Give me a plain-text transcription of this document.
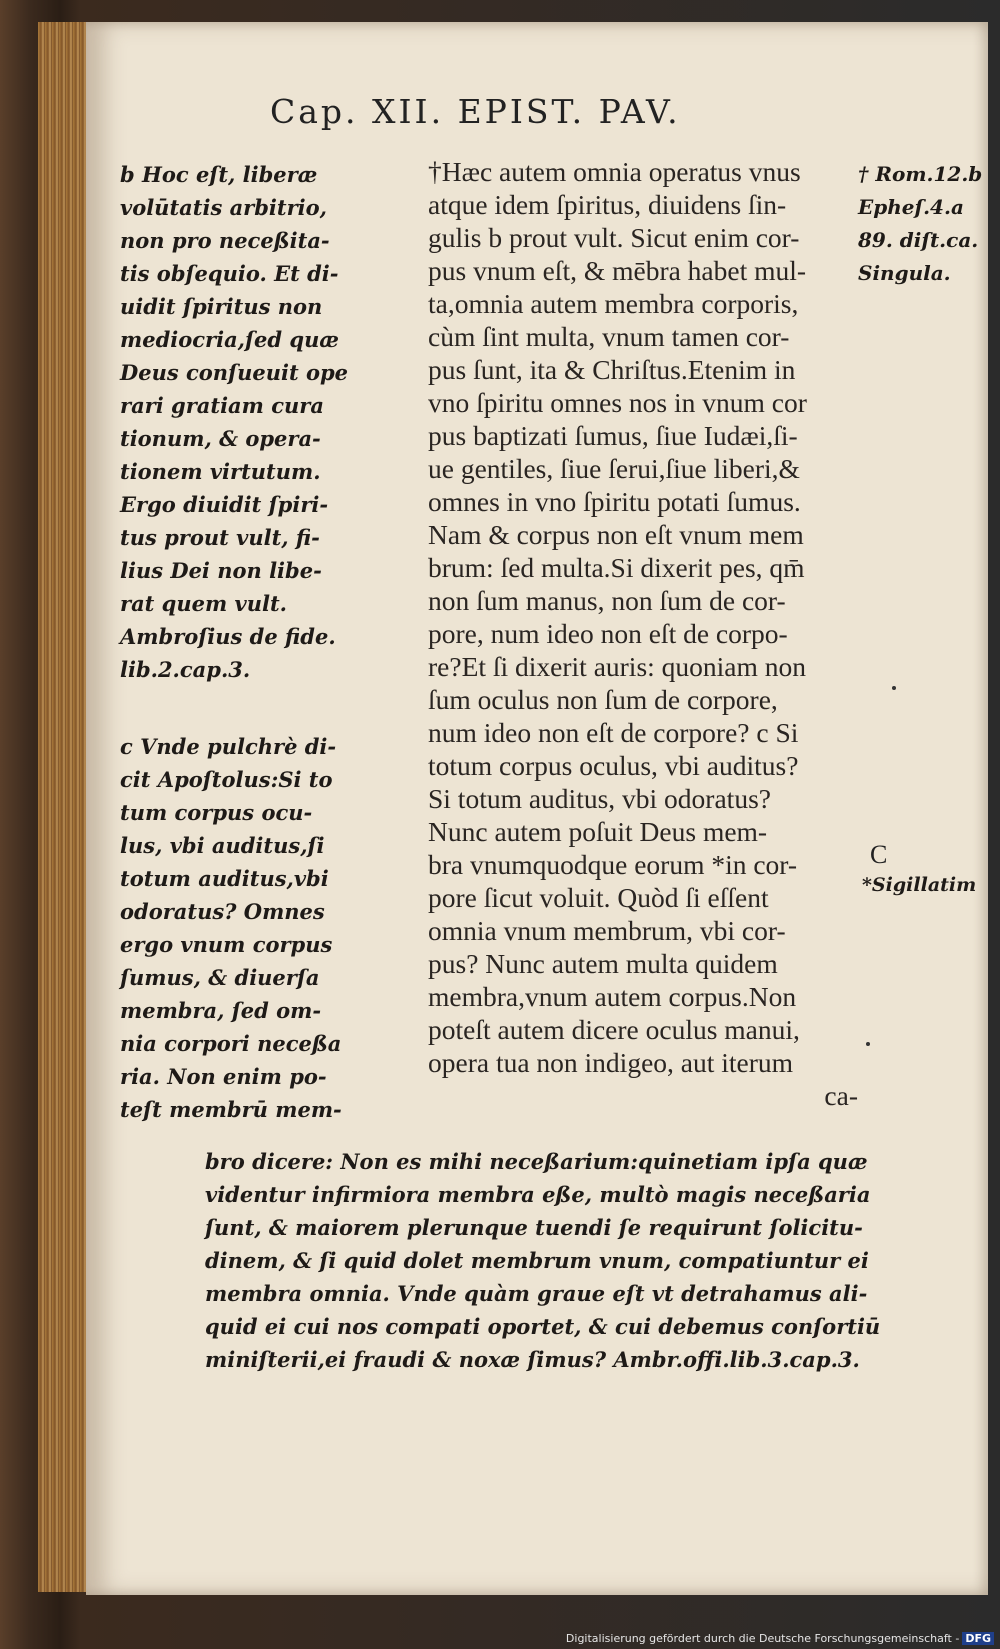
Cap. XII. EPIST. PAV.
b Hoc eſt, liberæ
volūtatis arbitrio,
non pro neceßita-
tis obſequio. Et di-
uidit ſpiritus non
mediocria,ſed quæ
Deus conſueuit ope
rari gratiam cura
tionum, & opera-
tionem virtutum.
Ergo diuidit ſpiri-
tus prout vult, fi-
lius Dei non libe-
rat quem vult.
Ambroſius de fide.
lib.2.cap.3.
c Vnde pulchrè di-
cit Apoſtolus:Si to
tum corpus ocu-
lus, vbi auditus,ſi
totum auditus,vbi
odoratus? Omnes
ergo vnum corpus
ſumus, & diuerſa
membra, ſed om-
nia corpori neceßa
ria. Non enim po-
teſt membrū mem-
†Hæc autem omnia operatus vnus
atque idem ſpiritus, diuidens ſin-
gulis b prout vult. Sicut enim cor-
pus vnum eſt, & mēbra habet mul-
ta,omnia autem membra corporis,
cùm ſint multa, vnum tamen cor-
pus ſunt, ita & Chriſtus.Etenim in
vno ſpiritu omnes nos in vnum cor
pus baptizati ſumus, ſiue Iudæi,ſi-
ue gentiles, ſiue ſerui,ſiue liberi,&
omnes in vno ſpiritu potati ſumus.
Nam & corpus non eſt vnum mem
brum: ſed multa.Si dixerit pes, qm̄
non ſum manus, non ſum de cor-
pore, num ideo non eſt de corpo-
re?Et ſi dixerit auris: quoniam non
ſum oculus non ſum de corpore,
num ideo non eſt de corpore? c Si
totum corpus oculus, vbi auditus?
Si totum auditus, vbi odoratus?
Nunc autem poſuit Deus mem-
bra vnumquodque eorum *in cor-
pore ſicut voluit. Quòd ſi eſſent
omnia vnum membrum, vbi cor-
pus? Nunc autem multa quidem
membra,vnum autem corpus.Non
poteſt autem dicere oculus manui,
opera tua non indigeo, aut iterum
ca-
† Rom.12.b
Epheſ.4.a
89. diſt.ca.
Singula.
C
*Sigillatim
bro dicere: Non es mihi neceßarium:quinetiam ipſa quæ
videntur infirmiora membra eßе, multò magis neceßaria
ſunt, & maiorem plerunque tuendi ſe requirunt ſolicitu-
dinem, & ſi quid dolet membrum vnum, compatiuntur ei
membra omnia. Vnde quàm graue eſt vt detrahamus ali-
quid ei cui nos compati oportet, & cui debemus conſortiū
miniſterii,ei fraudi & noxæ ſimus? Ambr.offi.lib.3.cap.3.
Digitalisierung gefördert durch die Deutsche Forschungsgemeinschaft - DFG
